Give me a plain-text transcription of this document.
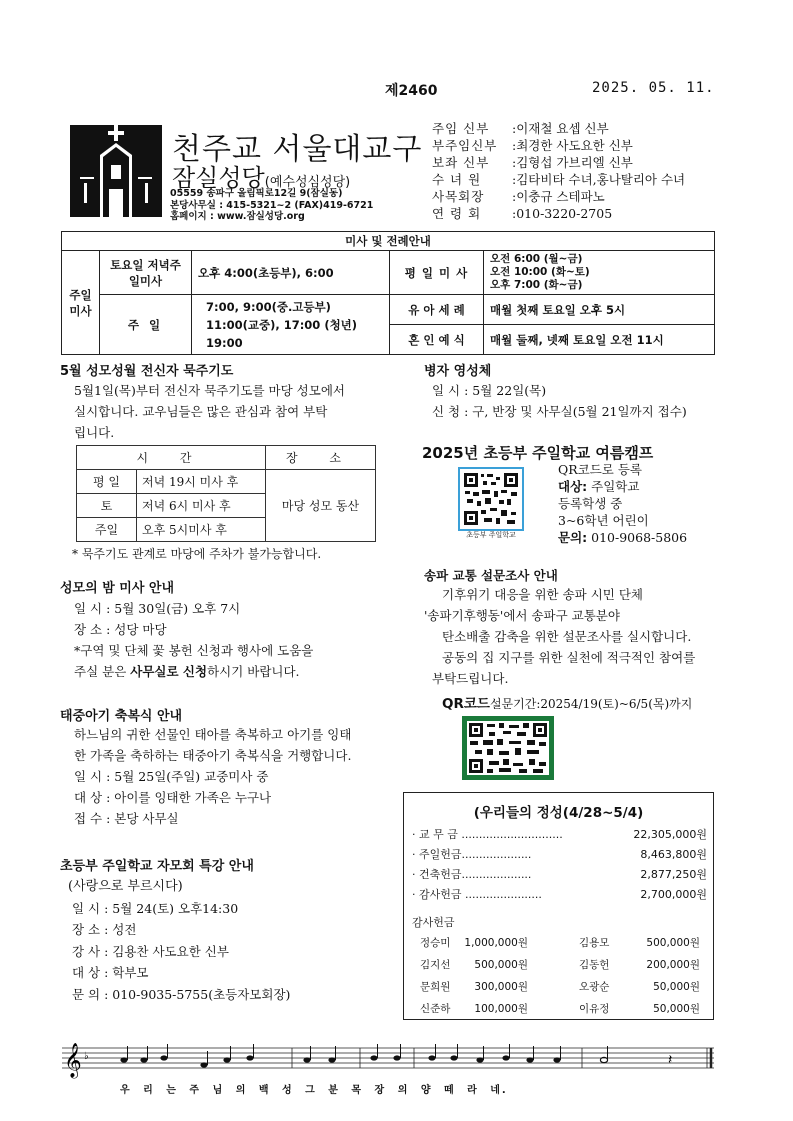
제2460	2025. 05. 11.
천주교 서울대교구
잠실성당(예수성심성당)
05559 송파구 올림픽로12길 9(잠실동)
본당사무실 : 415-5321~2 (FAX)419-6721
홈페이지 : www.잠실성당.org
주임 신부	: 이재철 요셉 신부
부주임신부	: 최경한 사도요한 신부
보좌 신부	: 김형섭 가브리엘 신부
수 녀 원	: 김타비타 수녀,홍나탈리아 수녀
사목회장	: 이충규 스테파노
연 령 회	: 010-3220-2705
미사 및 전례안내				
주일 미사	토요일 저녁주일미사	오후 4:00(초등부), 6:00	평 일 미 사	오전 6:00 (월~금)
오전 10:00 (화~토)
오후 7:00 (화~금)

	주 일	7:00, 9:00(중.고등부) 11:00(교중), 17:00 (청년) 19:00	유 아 세 례	매월 첫째 토요일 오후 5시
			혼 인 예 식	매월 둘째, 넷째 토요일 오전 11시
5월 성모성월 전신자 묵주기도
5월1일(목)부터 전신자 묵주기도를 마당 성모에서
실시합니다. 교우님들은 많은 관심과 참여 부탁
립니다.
시 간		장 소
평 일	저녁 19시 미사 후	마당 성모 동산
토	저녁 6시 미사 후	
주일	오후 5시미사 후	
* 묵주기도 관계로 마당에 주차가 불가능합니다.
성모의 밤 미사 안내
일 시 : 5월 30일(금) 오후 7시
장 소 : 성당 마당
*구역 및 단체 꽃 봉헌 신청과 행사에 도움을
주실 분은 사무실로 신청하시기 바랍니다.
태중아기 축복식 안내
하느님의 귀한 선물인 태아를 축복하고 아기를 잉태
한 가족을 축하하는 태중아기 축복식을 거행합니다.
일 시 : 5월 25일(주일) 교중미사 중
대 상 : 아이를 잉태한 가족은 누구나
접 수 : 본당 사무실
초등부 주일학교 자모회 특강 안내
(사랑으로 부르시다)
일 시 : 5월 24(토) 오후14:30
장 소 : 성전
강 사 : 김용찬 사도요한 신부
대 상 : 학부모
문 의 : 010-9035-5755(초등자모회장)
병자 영성체
일 시 : 5월 22일(목)
신 청 : 구, 반장 및 사무실(5월 21일까지 접수)
2025년 초등부 주일학교 여름캠프
초등부 주일학교
QR코드로 등록
대상: 주일학교
등록학생 중
3~6학년 어린이
문의: 010-9068-5806
송파 교통 설문조사 안내
기후위기 대응을 위한 송파 시민 단체
'송파기후행동'에서 송파구 교통분야
탄소배출 감축을 위한 설문조사를 실시합니다.
공동의 집 지구를 위한 실천에 적극적인 참여를
부탁드립니다.
QR코드설문기간:20254/19(토)~6/5(목)까지
(우리들의 정성(4/28~5/4)
· 교 무 금 .............................	22,305,000원
· 주일헌금....................	8,463,800원
· 건축헌금....................	2,877,250원
· 감사헌금 ......................	2,700,000원
감사헌금
정승미 1,000,000원	김용모	500,000원
김지선	500,000원	김동헌	200,000원
문희원	300,000원	오광순	50,000원
신준하	100,000원	이유정	50,000원
𝄞 ♭	𝄽
우 리 는 주 님 의 백 성 그 분 목 장 의 양 떼 라 네.
